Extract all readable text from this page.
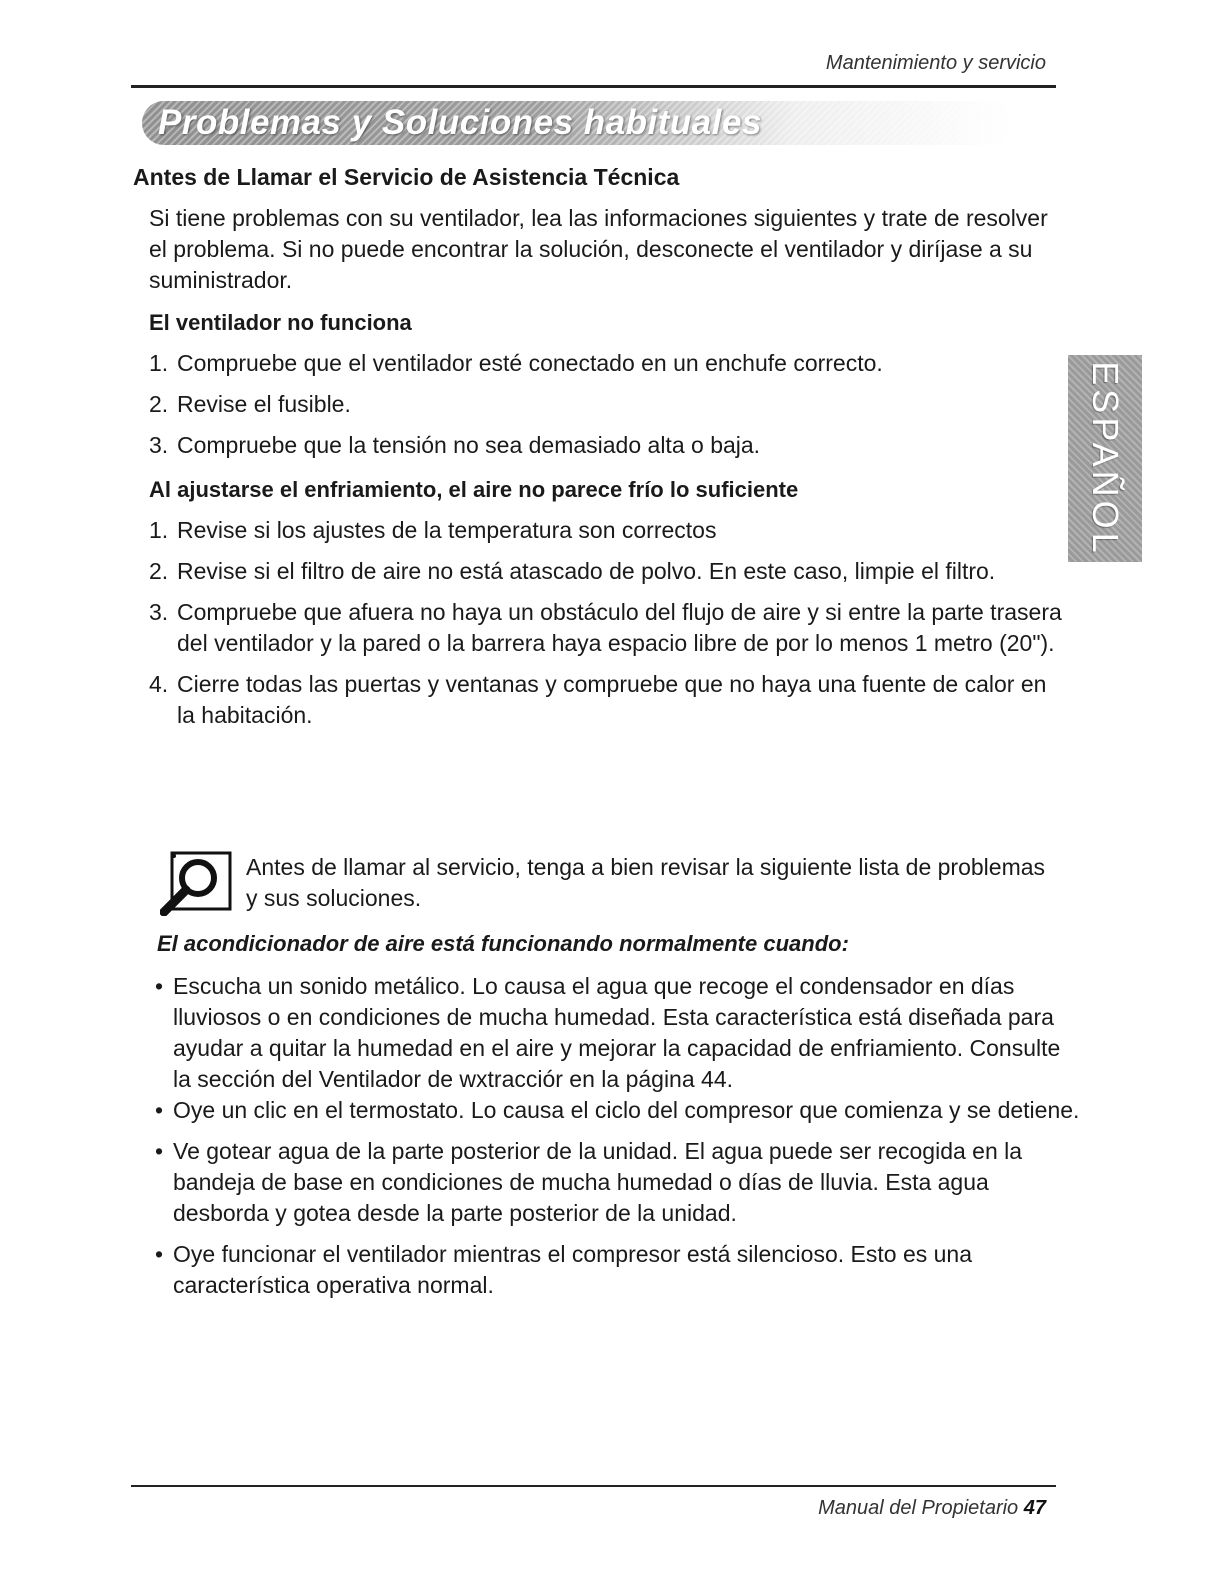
Mantenimiento y servicio
Problemas y Soluciones habituales
ESPAÑOL
Antes de Llamar el Servicio de Asistencia Técnica
Si tiene problemas con su ventilador, lea las informaciones siguientes y trate de resolver el problema. Si no puede encontrar la solución, desconecte el ventilador y diríjase a su suministrador.
El ventilador no funciona
1. Compruebe que el ventilador esté conectado en un enchufe correcto.
2. Revise el fusible.
3. Compruebe que la tensión no sea demasiado alta o baja.
Al ajustarse el enfriamiento, el aire no parece frío lo suficiente
1. Revise si los ajustes de la temperatura son correctos
2. Revise si el filtro de aire no está atascado de polvo. En este caso, limpie el filtro.
3. Compruebe que afuera no haya un obstáculo del flujo de aire y si entre la parte trasera del ventilador y la pared o la barrera haya espacio libre de por lo menos 1 metro (20").
4. Cierre todas las puertas y ventanas y compruebe que no haya una fuente de calor en la habitación.
Antes de llamar al servicio, tenga a bien revisar la siguiente lista de problemas y sus soluciones.
El acondicionador de aire está funcionando normalmente cuando:
• Escucha un sonido metálico. Lo causa el agua que recoge el condensador en días lluviosos o en condiciones de mucha humedad. Esta característica está diseñada para ayudar a quitar la humedad en el aire y mejorar la capacidad de enfriamiento. Consulte la sección del Ventilador de wxtracciór en la página 44.
• Oye un clic en el termostato. Lo causa el ciclo del compresor que comienza y se detiene.
• Ve gotear agua de la parte posterior de la unidad. El agua puede ser recogida en la bandeja de base en condiciones de mucha humedad o días de lluvia. Esta agua desborda y gotea desde la parte posterior de la unidad.
• Oye funcionar el ventilador mientras el compresor está silencioso. Esto es una característica operativa normal.
Manual del Propietario 47
